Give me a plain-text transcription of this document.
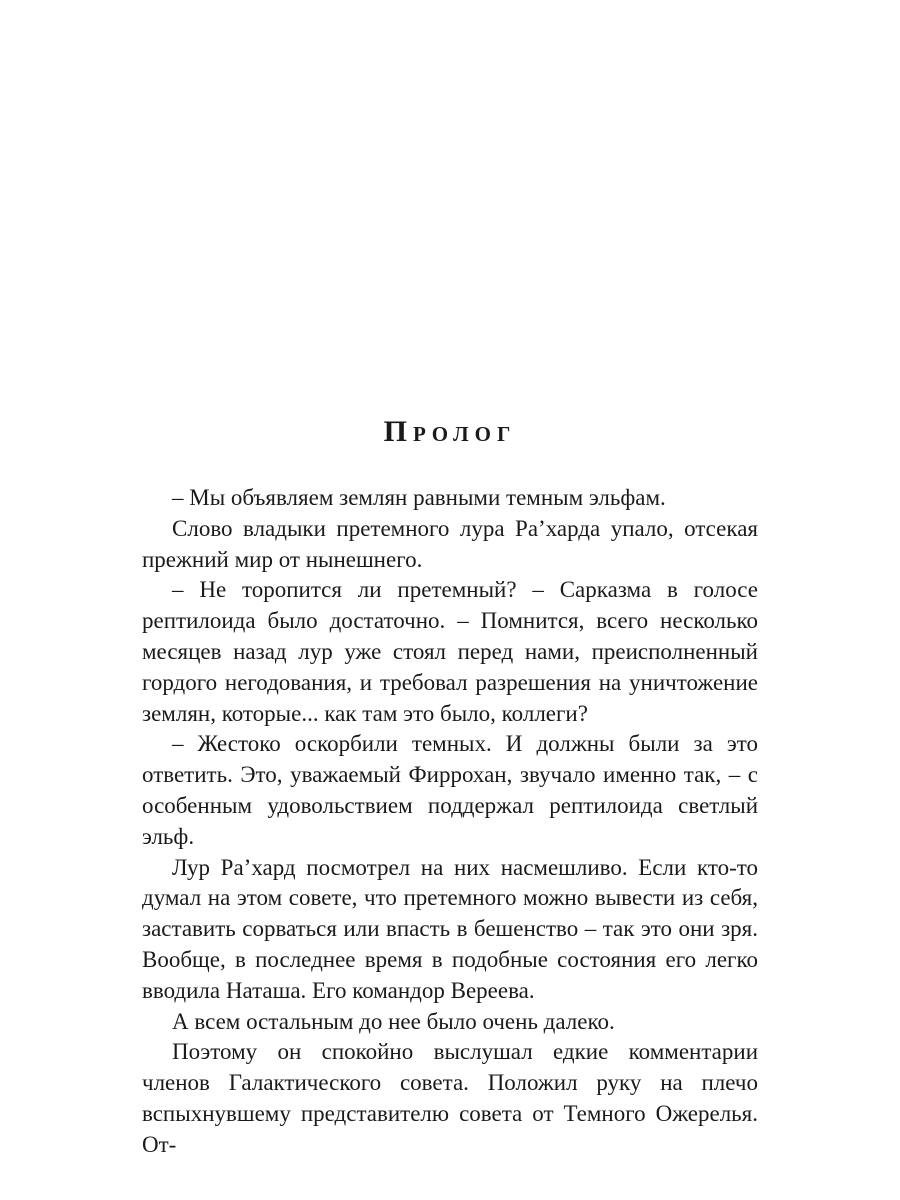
Пролог

– Мы объявляем землян равными темным эльфам.

Слово владыки претемного лура Ра’харда упало, отсекая прежний мир от нынешнего.

– Не торопится ли претемный? – Сарказма в голосе рептилоида было достаточно. – Помнится, всего несколько месяцев назад лур уже стоял перед нами, преисполненный гордого негодования, и требовал разрешения на уничтожение землян, которые... как там это было, коллеги?

– Жестоко оскорбили темных. И должны были за это ответить. Это, уважаемый Фиррохан, звучало именно так, – с особенным удовольствием поддержал рептилоида светлый эльф.

Лур Ра’хард посмотрел на них насмешливо. Если кто-то думал на этом совете, что претемного можно вывести из себя, заставить сорваться или впасть в бешенство – так это они зря. Вообще, в последнее время в подобные состояния его легко вводила Наташа. Его командор Вереева.

А всем остальным до нее было очень далеко.

Поэтому он спокойно выслушал едкие комментарии членов Галактического совета. Положил руку на плечо вспыхнувшему представителю совета от Темного Ожерелья. От-
